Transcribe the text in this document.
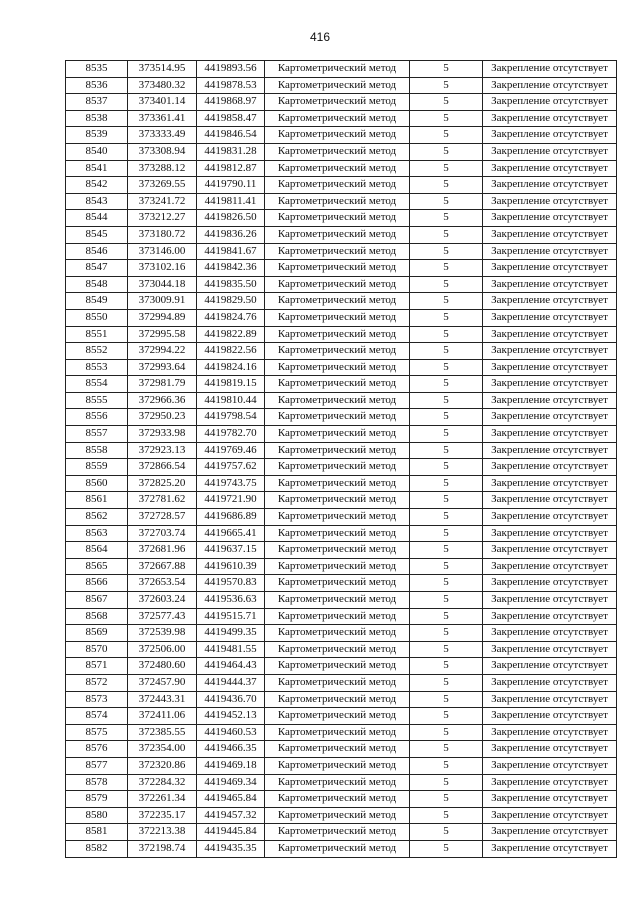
416
8535	373514.95	4419893.56	Картометрический метод	5	Закрепление отсутствует
8536	373480.32	4419878.53	Картометрический метод	5	Закрепление отсутствует
8537	373401.14	4419868.97	Картометрический метод	5	Закрепление отсутствует
8538	373361.41	4419858.47	Картометрический метод	5	Закрепление отсутствует
8539	373333.49	4419846.54	Картометрический метод	5	Закрепление отсутствует
8540	373308.94	4419831.28	Картометрический метод	5	Закрепление отсутствует
8541	373288.12	4419812.87	Картометрический метод	5	Закрепление отсутствует
8542	373269.55	4419790.11	Картометрический метод	5	Закрепление отсутствует
8543	373241.72	4419811.41	Картометрический метод	5	Закрепление отсутствует
8544	373212.27	4419826.50	Картометрический метод	5	Закрепление отсутствует
8545	373180.72	4419836.26	Картометрический метод	5	Закрепление отсутствует
8546	373146.00	4419841.67	Картометрический метод	5	Закрепление отсутствует
8547	373102.16	4419842.36	Картометрический метод	5	Закрепление отсутствует
8548	373044.18	4419835.50	Картометрический метод	5	Закрепление отсутствует
8549	373009.91	4419829.50	Картометрический метод	5	Закрепление отсутствует
8550	372994.89	4419824.76	Картометрический метод	5	Закрепление отсутствует
8551	372995.58	4419822.89	Картометрический метод	5	Закрепление отсутствует
8552	372994.22	4419822.56	Картометрический метод	5	Закрепление отсутствует
8553	372993.64	4419824.16	Картометрический метод	5	Закрепление отсутствует
8554	372981.79	4419819.15	Картометрический метод	5	Закрепление отсутствует
8555	372966.36	4419810.44	Картометрический метод	5	Закрепление отсутствует
8556	372950.23	4419798.54	Картометрический метод	5	Закрепление отсутствует
8557	372933.98	4419782.70	Картометрический метод	5	Закрепление отсутствует
8558	372923.13	4419769.46	Картометрический метод	5	Закрепление отсутствует
8559	372866.54	4419757.62	Картометрический метод	5	Закрепление отсутствует
8560	372825.20	4419743.75	Картометрический метод	5	Закрепление отсутствует
8561	372781.62	4419721.90	Картометрический метод	5	Закрепление отсутствует
8562	372728.57	4419686.89	Картометрический метод	5	Закрепление отсутствует
8563	372703.74	4419665.41	Картометрический метод	5	Закрепление отсутствует
8564	372681.96	4419637.15	Картометрический метод	5	Закрепление отсутствует
8565	372667.88	4419610.39	Картометрический метод	5	Закрепление отсутствует
8566	372653.54	4419570.83	Картометрический метод	5	Закрепление отсутствует
8567	372603.24	4419536.63	Картометрический метод	5	Закрепление отсутствует
8568	372577.43	4419515.71	Картометрический метод	5	Закрепление отсутствует
8569	372539.98	4419499.35	Картометрический метод	5	Закрепление отсутствует
8570	372506.00	4419481.55	Картометрический метод	5	Закрепление отсутствует
8571	372480.60	4419464.43	Картометрический метод	5	Закрепление отсутствует
8572	372457.90	4419444.37	Картометрический метод	5	Закрепление отсутствует
8573	372443.31	4419436.70	Картометрический метод	5	Закрепление отсутствует
8574	372411.06	4419452.13	Картометрический метод	5	Закрепление отсутствует
8575	372385.55	4419460.53	Картометрический метод	5	Закрепление отсутствует
8576	372354.00	4419466.35	Картометрический метод	5	Закрепление отсутствует
8577	372320.86	4419469.18	Картометрический метод	5	Закрепление отсутствует
8578	372284.32	4419469.34	Картометрический метод	5	Закрепление отсутствует
8579	372261.34	4419465.84	Картометрический метод	5	Закрепление отсутствует
8580	372235.17	4419457.32	Картометрический метод	5	Закрепление отсутствует
8581	372213.38	4419445.84	Картометрический метод	5	Закрепление отсутствует
8582	372198.74	4419435.35	Картометрический метод	5	Закрепление отсутствует
